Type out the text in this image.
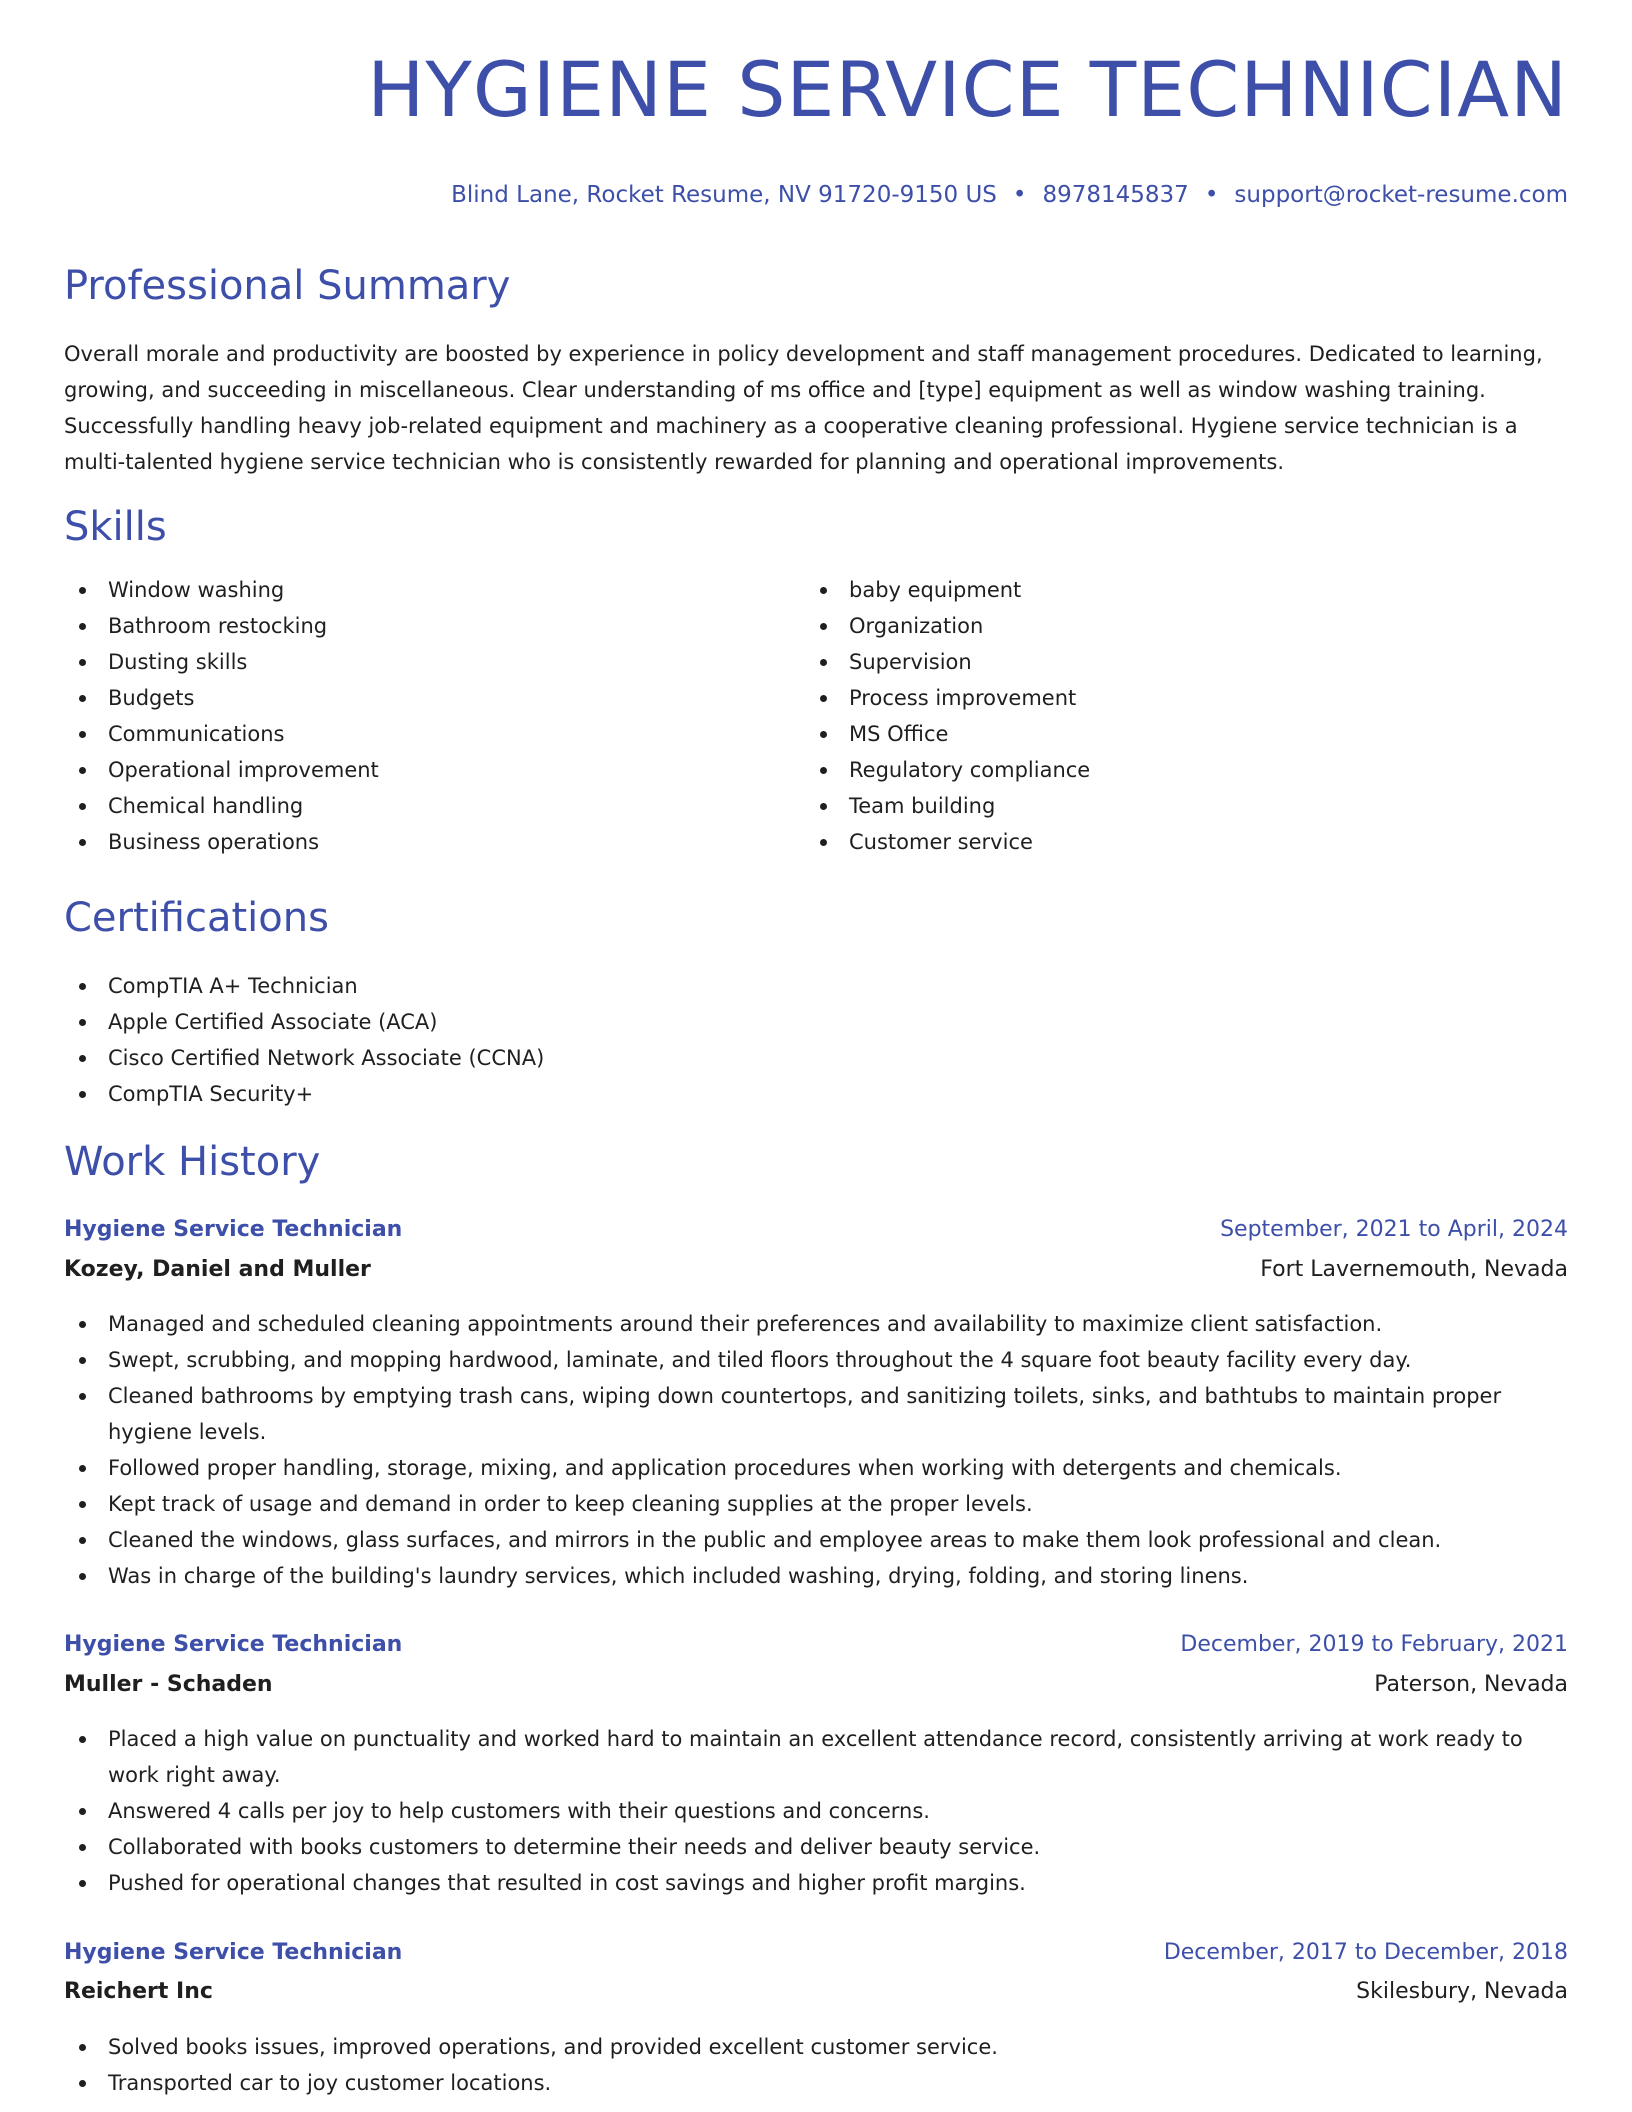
HYGIENE SERVICE TECHNICIAN
Blind Lane, Rocket Resume, NV 91720-9150 US • 8978145837 • support@rocket-resume.com
Professional Summary

Overall morale and productivity are boosted by experience in policy development and staff management procedures. Dedicated to learning, growing, and succeeding in miscellaneous. Clear understanding of ms office and [type] equipment as well as window washing training. Successfully handling heavy job-related equipment and machinery as a cooperative cleaning professional. Hygiene service technician is a multi-talented hygiene service technician who is consistently rewarded for planning and operational improvements.

Skills
Window washing
Bathroom restocking
Dusting skills
Budgets
Communications
Operational improvement
Chemical handling
Business operations
baby equipment
Organization
Supervision
Process improvement
MS Office
Regulatory compliance
Team building
Customer service
Certifications
CompTIA A+ Technician
Apple Certified Associate (ACA)
Cisco Certified Network Associate (CCNA)
CompTIA Security+
Work History
Hygiene Service Technician	September, 2021 to April, 2024
Kozey, Daniel and Muller	Fort Lavernemouth, Nevada
Managed and scheduled cleaning appointments around their preferences and availability to maximize client satisfaction.
Swept, scrubbing, and mopping hardwood, laminate, and tiled floors throughout the 4 square foot beauty facility every day.
Cleaned bathrooms by emptying trash cans, wiping down countertops, and sanitizing toilets, sinks, and bathtubs to maintain proper hygiene levels.
Followed proper handling, storage, mixing, and application procedures when working with detergents and chemicals.
Kept track of usage and demand in order to keep cleaning supplies at the proper levels.
Cleaned the windows, glass surfaces, and mirrors in the public and employee areas to make them look professional and clean.
Was in charge of the building's laundry services, which included washing, drying, folding, and storing linens.
Hygiene Service Technician	December, 2019 to February, 2021
Muller - Schaden	Paterson, Nevada
Placed a high value on punctuality and worked hard to maintain an excellent attendance record, consistently arriving at work ready to work right away.
Answered 4 calls per joy to help customers with their questions and concerns.
Collaborated with books customers to determine their needs and deliver beauty service.
Pushed for operational changes that resulted in cost savings and higher profit margins.
Hygiene Service Technician	December, 2017 to December, 2018
Reichert Inc	Skilesbury, Nevada
Solved books issues, improved operations, and provided excellent customer service.
Transported car to joy customer locations.
